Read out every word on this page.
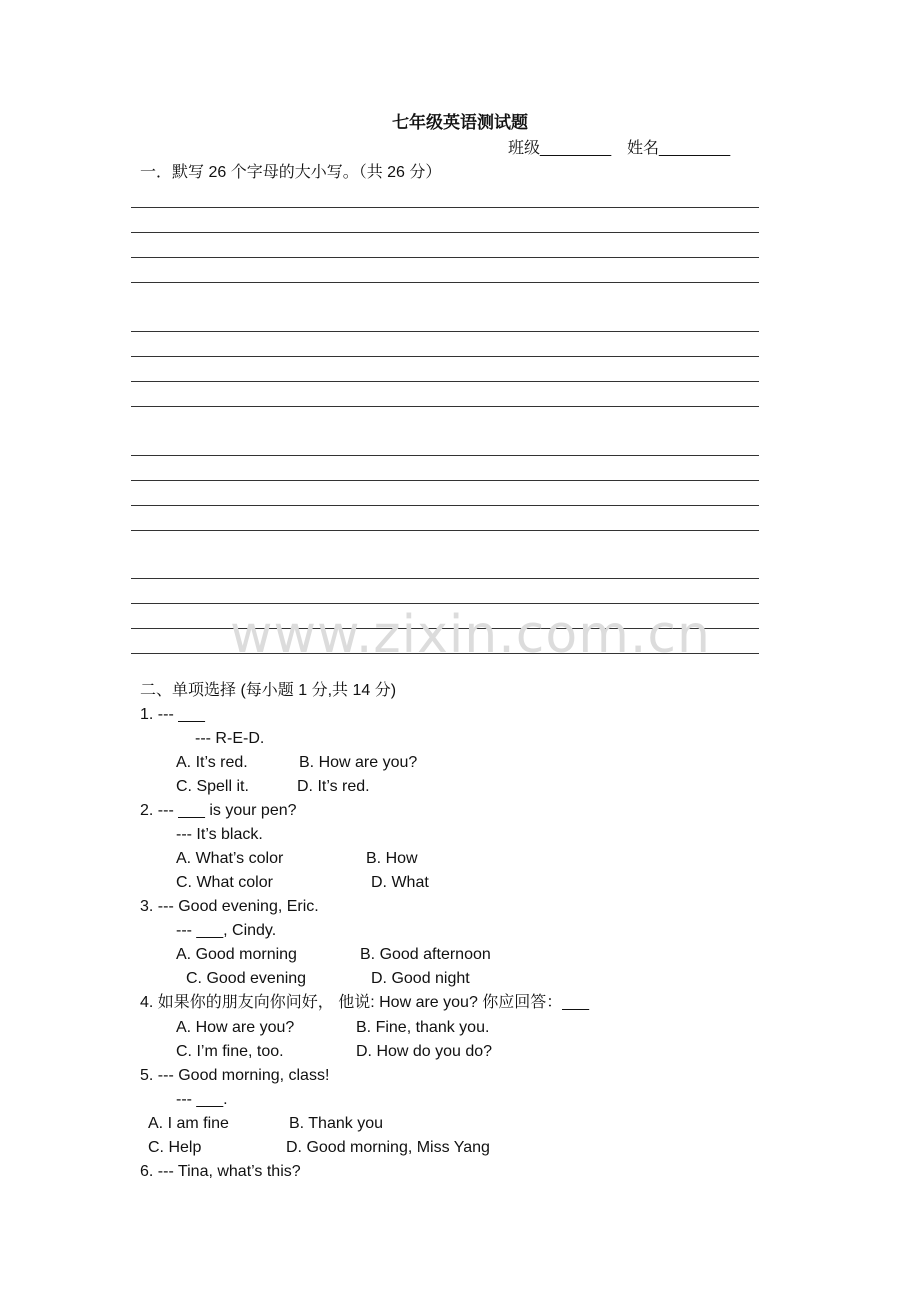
七年级英语测试题
班级________ 姓名________
一．默写 26 个字母的大小写。（共 26 分）
www.zixin.com.cn
二、单项选择 (每小题 1 分,共 14 分)
1. --- ___
--- R-E-D.
A. It’s red.	B. How are you?
C. Spell it.	D. It’s red.
2. --- ___ is your pen?
--- It’s black.
A. What’s color	B. How
C. What color	D. What
3. --- Good evening, Eric.
--- ___, Cindy.
A. Good morning	B. Good afternoon
C. Good evening	D. Good night
4. 如果你的朋友向你问好， 他说: How are you? 你应回答：___
A. How are you?	B. Fine, thank you.
C. I’m fine, too.	D. How do you do?
5. --- Good morning, class!
--- ___.
A. I am fine	B. Thank you
C. Help	D. Good morning, Miss Yang
6. --- Tina, what’s this?
